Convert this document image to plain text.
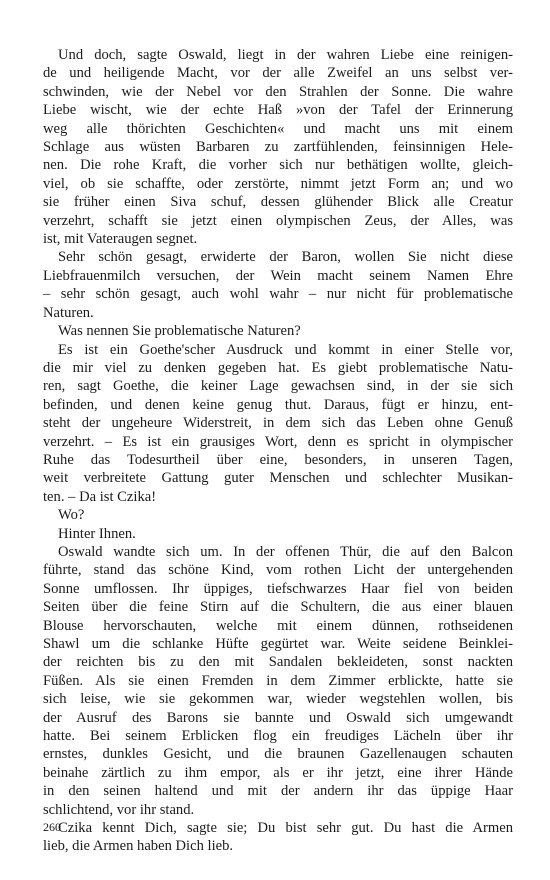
Und doch, sagte Oswald, liegt in der wahren Liebe eine reinigen-
de und heiligende Macht, vor der alle Zweifel an uns selbst ver-
schwinden, wie der Nebel vor den Strahlen der Sonne. Die wahre
Liebe wischt, wie der echte Haß »von der Tafel der Erinnerung
weg alle thörichten Geschichten« und macht uns mit einem
Schlage aus wüsten Barbaren zu zartfühlenden, feinsinnigen Hele-
nen. Die rohe Kraft, die vorher sich nur bethätigen wollte, gleich-
viel, ob sie schaffte, oder zerstörte, nimmt jetzt Form an; und wo
sie früher einen Siva schuf, dessen glühender Blick alle Creatur
verzehrt, schafft sie jetzt einen olympischen Zeus, der Alles, was
ist, mit Vateraugen segnet.
Sehr schön gesagt, erwiderte der Baron, wollen Sie nicht diese
Liebfrauenmilch versuchen, der Wein macht seinem Namen Ehre
– sehr schön gesagt, auch wohl wahr – nur nicht für problematische
Naturen.
Was nennen Sie problematische Naturen?
Es ist ein Goethe'scher Ausdruck und kommt in einer Stelle vor,
die mir viel zu denken gegeben hat. Es giebt problematische Natu-
ren, sagt Goethe, die keiner Lage gewachsen sind, in der sie sich
befinden, und denen keine genug thut. Daraus, fügt er hinzu, ent-
steht der ungeheure Widerstreit, in dem sich das Leben ohne Genuß
verzehrt. – Es ist ein grausiges Wort, denn es spricht in olympischer
Ruhe das Todesurtheil über eine, besonders, in unseren Tagen,
weit verbreitete Gattung guter Menschen und schlechter Musikan-
ten. – Da ist Czika!
Wo?
Hinter Ihnen.
Oswald wandte sich um. In der offenen Thür, die auf den Balcon
führte, stand das schöne Kind, vom rothen Licht der untergehenden
Sonne umflossen. Ihr üppiges, tiefschwarzes Haar fiel von beiden
Seiten über die feine Stirn auf die Schultern, die aus einer blauen
Blouse hervorschauten, welche mit einem dünnen, rothseidenen
Shawl um die schlanke Hüfte gegürtet war. Weite seidene Beinklei-
der reichten bis zu den mit Sandalen bekleideten, sonst nackten
Füßen. Als sie einen Fremden in dem Zimmer erblickte, hatte sie
sich leise, wie sie gekommen war, wieder wegstehlen wollen, bis
der Ausruf des Barons sie bannte und Oswald sich umgewandt
hatte. Bei seinem Erblicken flog ein freudiges Lächeln über ihr
ernstes, dunkles Gesicht, und die braunen Gazellenaugen schauten
beinahe zärtlich zu ihm empor, als er ihr jetzt, eine ihrer Hände
in den seinen haltend und mit der andern ihr das üppige Haar
schlichtend, vor ihr stand.
Czika kennt Dich, sagte sie; Du bist sehr gut. Du hast die Armen
lieb, die Armen haben Dich lieb.
260
